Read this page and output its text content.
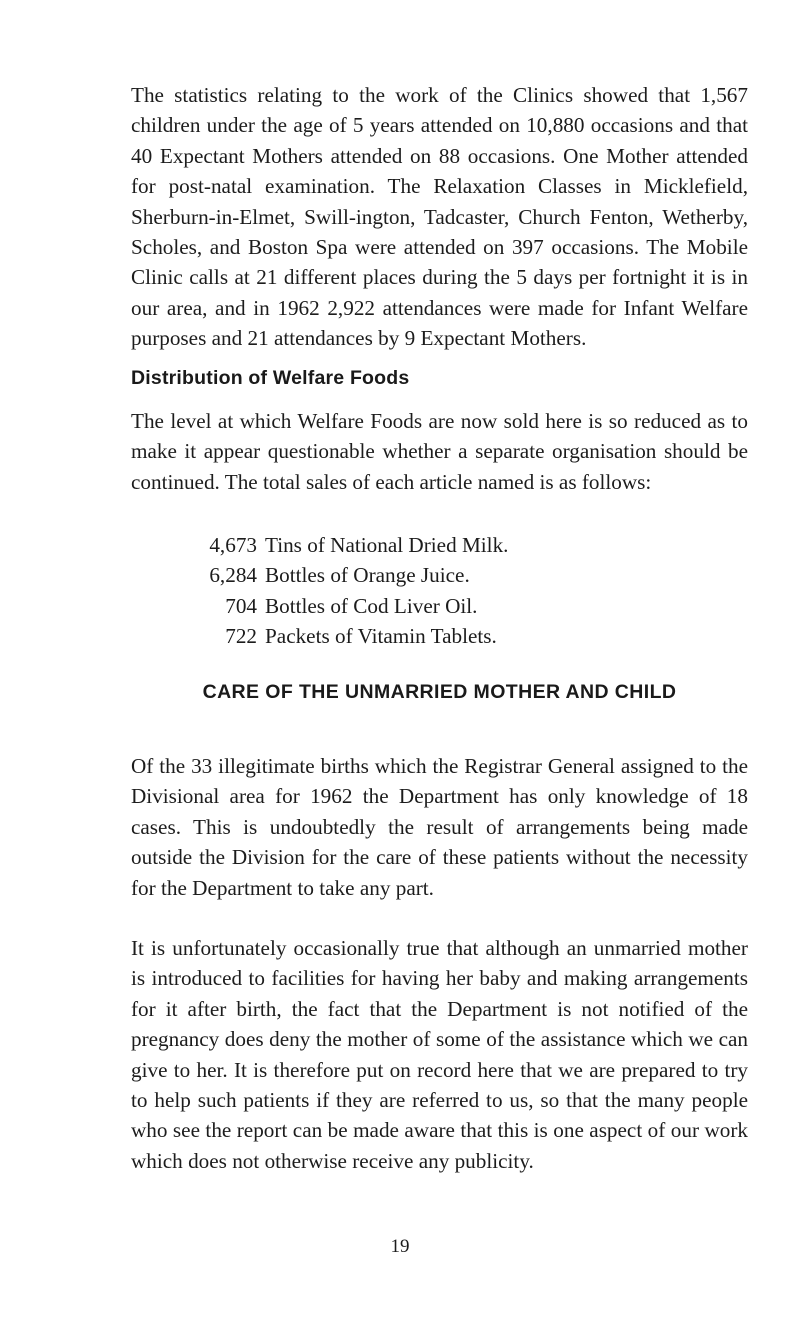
The statistics relating to the work of the Clinics showed that 1,567 children under the age of 5 years attended on 10,880 occasions and that 40 Expectant Mothers attended on 88 occasions. One Mother attended for post-natal examination. The Relaxation Classes in Micklefield, Sherburn-in-Elmet, Swill-ington, Tadcaster, Church Fenton, Wetherby, Scholes, and Boston Spa were attended on 397 occasions. The Mobile Clinic calls at 21 different places during the 5 days per fortnight it is in our area, and in 1962 2,922 attendances were made for Infant Welfare purposes and 21 attendances by 9 Expectant Mothers.

Distribution of Welfare Foods

The level at which Welfare Foods are now sold here is so reduced as to make it appear questionable whether a separate organisation should be continued. The total sales of each article named is as follows:

4,673 Tins of National Dried Milk.
6,284 Bottles of Orange Juice.
704 Bottles of Cod Liver Oil.
722 Packets of Vitamin Tablets.
CARE OF THE UNMARRIED MOTHER AND CHILD

Of the 33 illegitimate births which the Registrar General assigned to the Divisional area for 1962 the Department has only knowledge of 18 cases. This is undoubtedly the result of arrangements being made outside the Division for the care of these patients without the necessity for the Department to take any part.

It is unfortunately occasionally true that although an unmarried mother is introduced to facilities for having her baby and making arrangements for it after birth, the fact that the Department is not notified of the pregnancy does deny the mother of some of the assistance which we can give to her. It is therefore put on record here that we are prepared to try to help such patients if they are referred to us, so that the many people who see the report can be made aware that this is one aspect of our work which does not otherwise receive any publicity.

19
